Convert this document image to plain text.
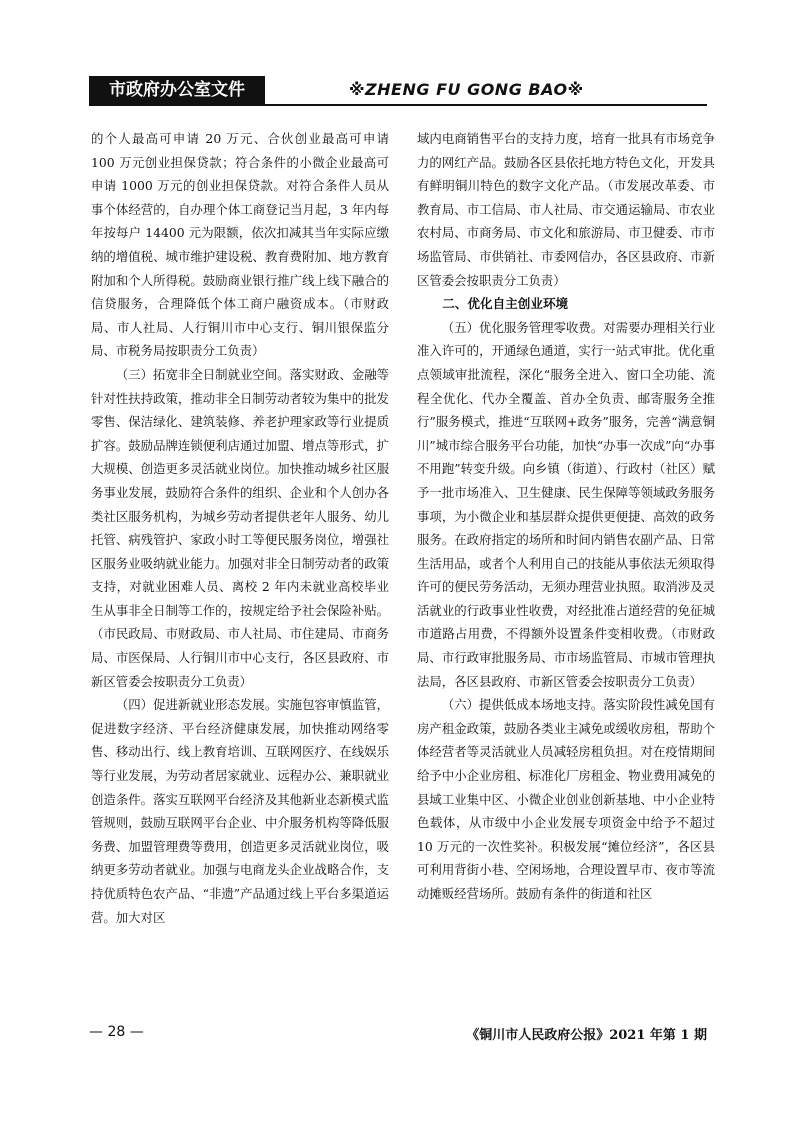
市政府办公室文件	※ZHENG FU GONG BAO※

的个人最高可申请 20 万元、合伙创业最高可申请 100 万元创业担保贷款；符合条件的小微企业最高可申请 1000 万元的创业担保贷款。对符合条件人员从事个体经营的，自办理个体工商登记当月起，3 年内每年按每户 14400 元为限额，依次扣减其当年实际应缴纳的增值税、城市维护建设税、教育费附加、地方教育附加和个人所得税。鼓励商业银行推广线上线下融合的信贷服务，合理降低个体工商户融资成本。（市财政局、市人社局、人行铜川市中心支行、铜川银保监分局、市税务局按职责分工负责）

（三）拓宽非全日制就业空间。落实财政、金融等针对性扶持政策，推动非全日制劳动者较为集中的批发零售、保洁绿化、建筑装修、养老护理家政等行业提质扩容。鼓励品牌连锁便利店通过加盟、增点等形式，扩大规模、创造更多灵活就业岗位。加快推动城乡社区服务事业发展，鼓励符合条件的组织、企业和个人创办各类社区服务机构，为城乡劳动者提供老年人服务、幼儿托管、病残管护、家政小时工等便民服务岗位，增强社区服务业吸纳就业能力。加强对非全日制劳动者的政策支持，对就业困难人员、离校 2 年内未就业高校毕业生从事非全日制等工作的，按规定给予社会保险补贴。（市民政局、市财政局、市人社局、市住建局、市商务局、市医保局、人行铜川市中心支行，各区县政府、市新区管委会按职责分工负责）

（四）促进新就业形态发展。实施包容审慎监管，促进数字经济、平台经济健康发展，加快推动网络零售、移动出行、线上教育培训、互联网医疗、在线娱乐等行业发展，为劳动者居家就业、远程办公、兼职就业创造条件。落实互联网平台经济及其他新业态新模式监管规则，鼓励互联网平台企业、中介服务机构等降低服务费、加盟管理费等费用，创造更多灵活就业岗位，吸纳更多劳动者就业。加强与电商龙头企业战略合作，支持优质特色农产品、“非遗”产品通过线上平台多渠道运营。加大对区

域内电商销售平台的支持力度，培育一批具有市场竞争力的网红产品。鼓励各区县依托地方特色文化，开发具有鲜明铜川特色的数字文化产品。（市发展改革委、市教育局、市工信局、市人社局、市交通运输局、市农业农村局、市商务局、市文化和旅游局、市卫健委、市市场监管局、市供销社、市委网信办，各区县政府、市新区管委会按职责分工负责）

二、优化自主创业环境

（五）优化服务管理零收费。对需要办理相关行业准入许可的，开通绿色通道，实行一站式审批。优化重点领域审批流程，深化“服务全进入、窗口全功能、流程全优化、代办全覆盖、首办全负责、邮寄服务全推行”服务模式，推进“互联网+政务”服务，完善“满意铜川”城市综合服务平台功能，加快“办事一次成”向“办事不用跑”转变升级。向乡镇（街道）、行政村（社区）赋予一批市场准入、卫生健康、民生保障等领域政务服务事项，为小微企业和基层群众提供更便捷、高效的政务服务。在政府指定的场所和时间内销售农副产品、日常生活用品，或者个人利用自己的技能从事依法无须取得许可的便民劳务活动，无须办理营业执照。取消涉及灵活就业的行政事业性收费，对经批准占道经营的免征城市道路占用费，不得额外设置条件变相收费。（市财政局、市行政审批服务局、市市场监管局、市城市管理执法局，各区县政府、市新区管委会按职责分工负责）

（六）提供低成本场地支持。落实阶段性减免国有房产租金政策，鼓励各类业主减免或缓收房租，帮助个体经营者等灵活就业人员减轻房租负担。对在疫情期间给予中小企业房租、标准化厂房租金、物业费用减免的县域工业集中区、小微企业创业创新基地、中小企业特色载体，从市级中小企业发展专项资金中给予不超过 10 万元的一次性奖补。积极发展“摊位经济”，各区县可利用背街小巷、空闲场地，合理设置早市、夜市等流动摊贩经营场所。鼓励有条件的街道和社区

— 28 —	《铜川市人民政府公报》2021 年第 1 期
